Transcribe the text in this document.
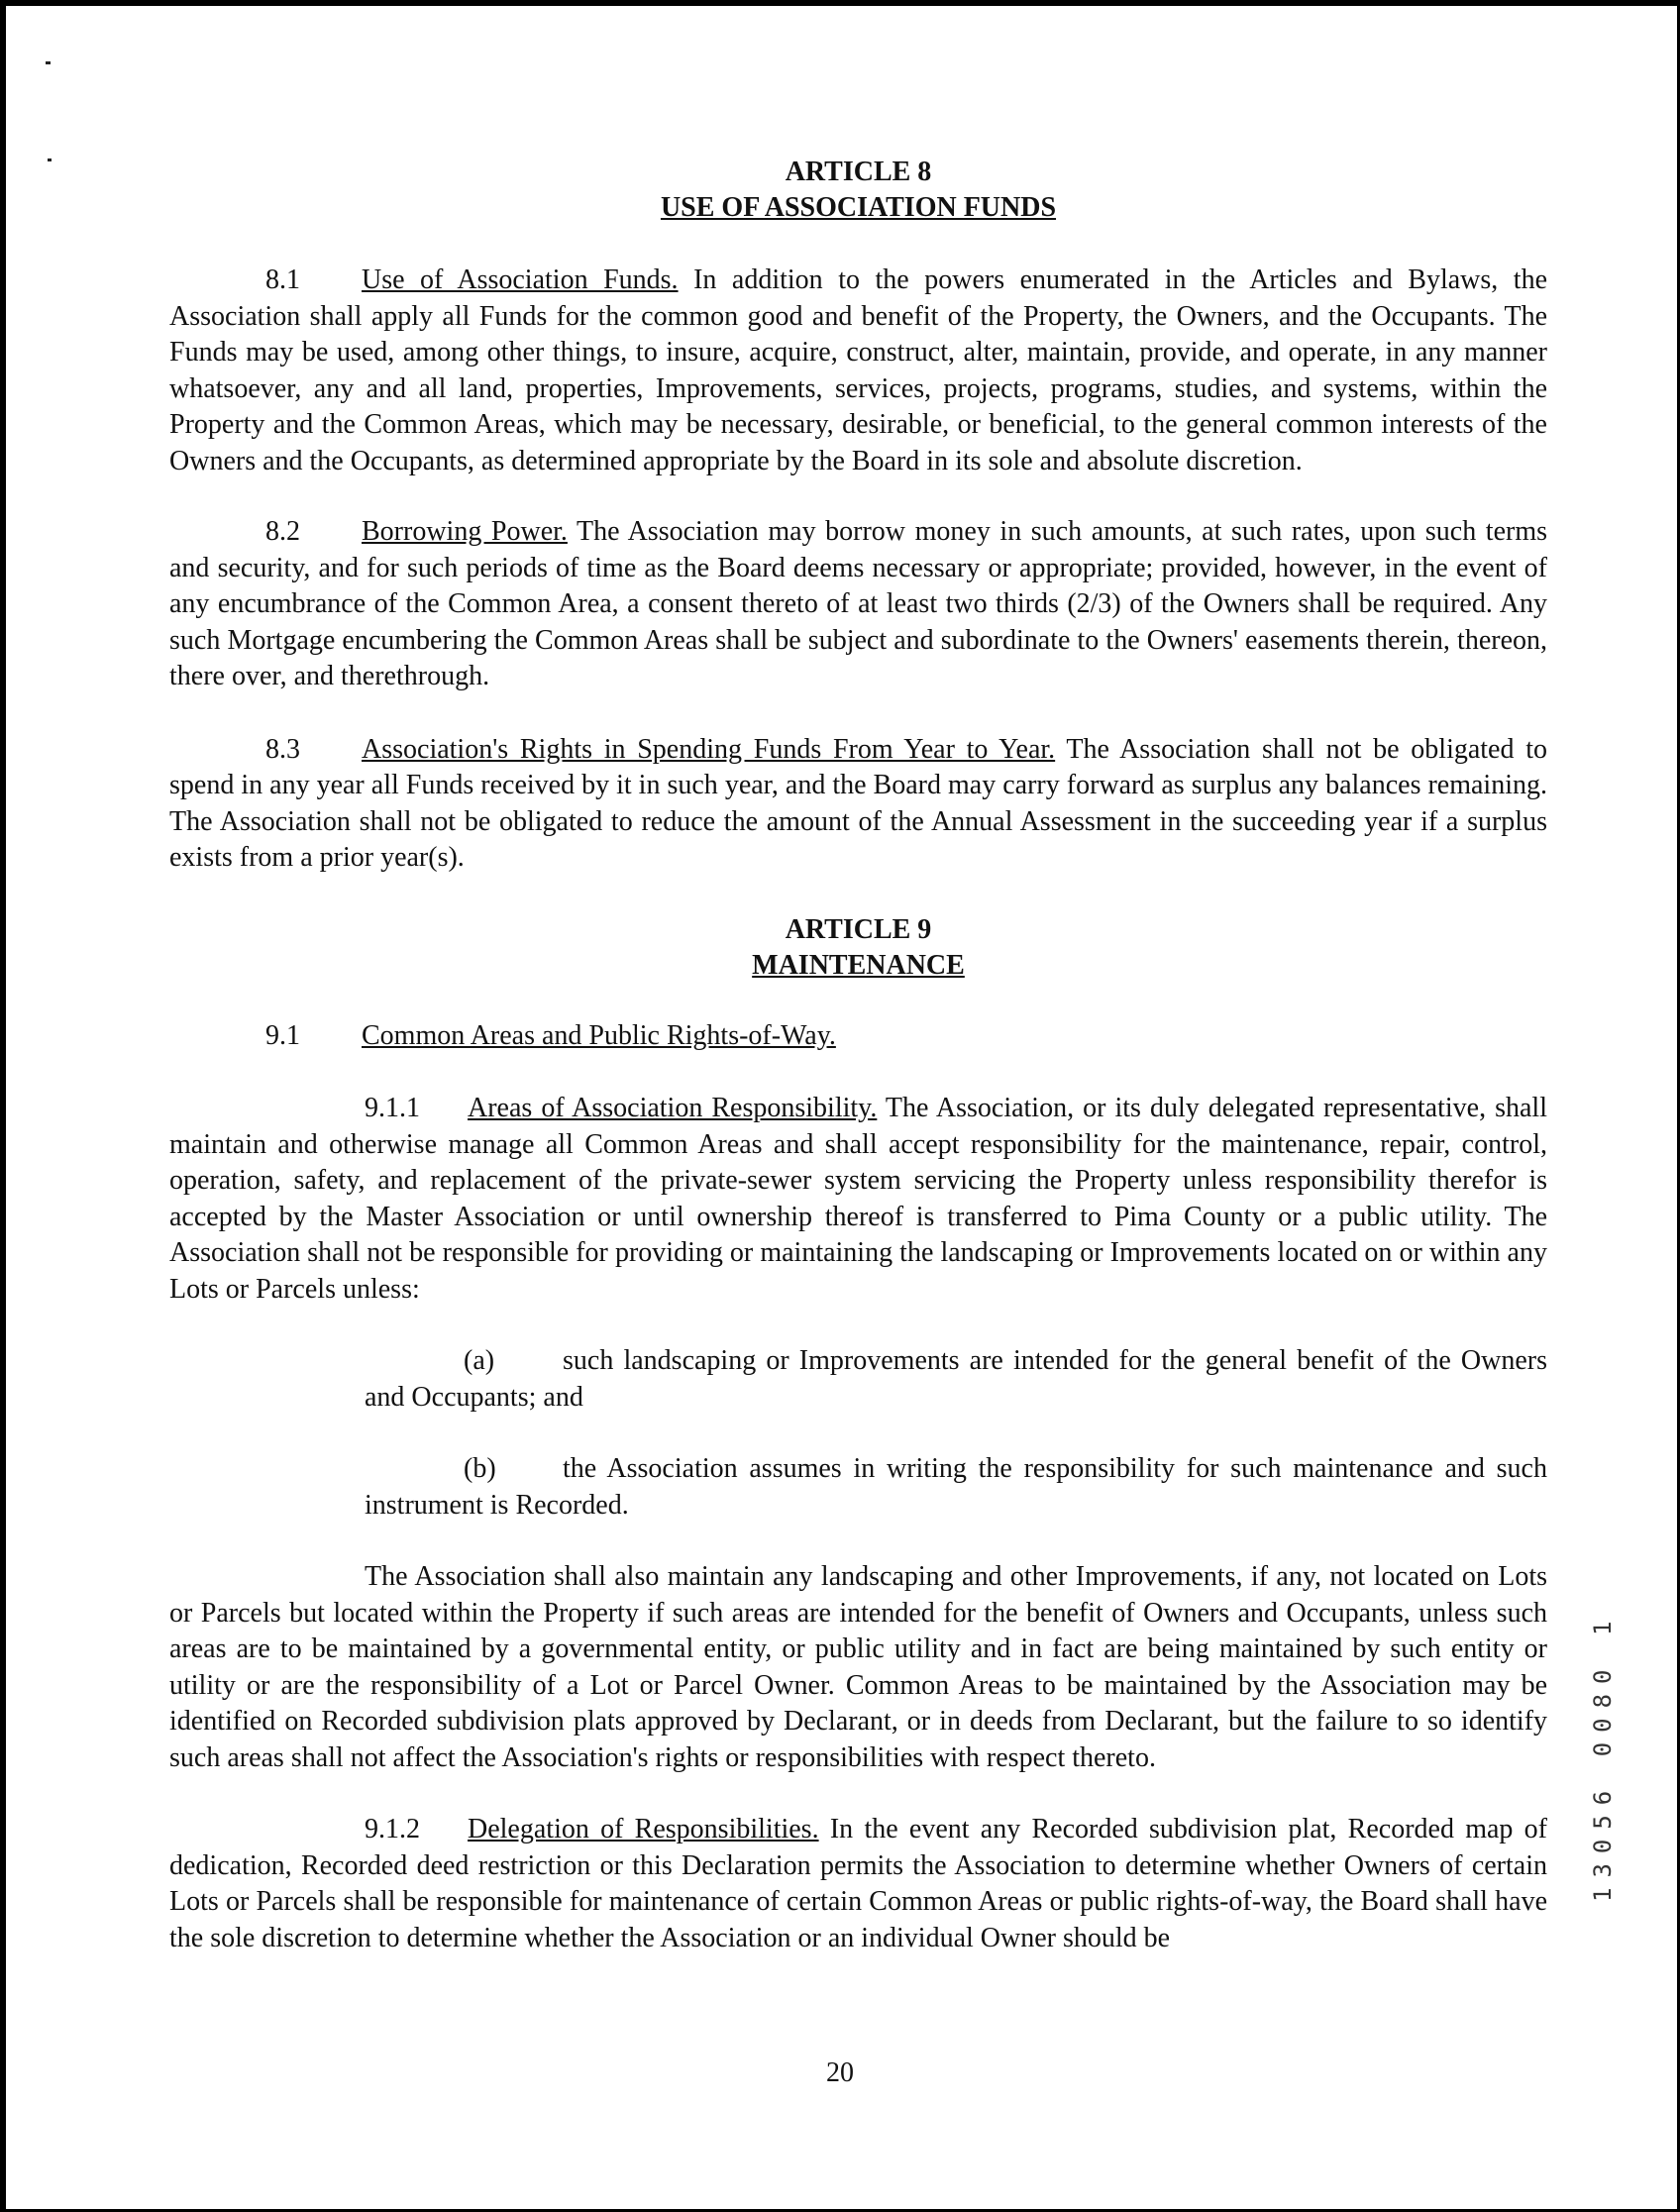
ARTICLE 8
USE OF ASSOCIATION FUNDS

8.1 Use of Association Funds. In addition to the powers enumerated in the Articles and Bylaws, the Association shall apply all Funds for the common good and benefit of the Property, the Owners, and the Occupants. The Funds may be used, among other things, to insure, acquire, construct, alter, maintain, provide, and operate, in any manner whatsoever, any and all land, properties, Improvements, services, projects, programs, studies, and systems, within the Property and the Common Areas, which may be necessary, desirable, or beneficial, to the general common interests of the Owners and the Occupants, as determined appropriate by the Board in its sole and absolute discretion.

8.2 Borrowing Power. The Association may borrow money in such amounts, at such rates, upon such terms and security, and for such periods of time as the Board deems necessary or appropriate; provided, however, in the event of any encumbrance of the Common Area, a consent thereto of at least two thirds (2/3) of the Owners shall be required. Any such Mortgage encumbering the Common Areas shall be subject and subordinate to the Owners' easements therein, thereon, there over, and therethrough.

8.3 Association's Rights in Spending Funds From Year to Year. The Association shall not be obligated to spend in any year all Funds received by it in such year, and the Board may carry forward as surplus any balances remaining. The Association shall not be obligated to reduce the amount of the Annual Assessment in the succeeding year if a surplus exists from a prior year(s).

ARTICLE 9
MAINTENANCE

9.1 Common Areas and Public Rights-of-Way.

9.1.1 Areas of Association Responsibility. The Association, or its duly delegated representative, shall maintain and otherwise manage all Common Areas and shall accept responsibility for the maintenance, repair, control, operation, safety, and replacement of the private-sewer system servicing the Property unless responsibility therefor is accepted by the Master Association or until ownership thereof is transferred to Pima County or a public utility. The Association shall not be responsible for providing or maintaining the landscaping or Improvements located on or within any Lots or Parcels unless:

(a) such landscaping or Improvements are intended for the general benefit of the Owners and Occupants; and

(b) the Association assumes in writing the responsibility for such maintenance and such instrument is Recorded.

The Association shall also maintain any landscaping and other Improvements, if any, not located on Lots or Parcels but located within the Property if such areas are intended for the benefit of Owners and Occupants, unless such areas are to be maintained by a governmental entity, or public utility and in fact are being maintained by such entity or utility or are the responsibility of a Lot or Parcel Owner. Common Areas to be maintained by the Association may be identified on Recorded subdivision plats approved by Declarant, or in deeds from Declarant, but the failure to so identify such areas shall not affect the Association's rights or responsibilities with respect thereto.

9.1.2 Delegation of Responsibilities. In the event any Recorded subdivision plat, Recorded map of dedication, Recorded deed restriction or this Declaration permits the Association to determine whether Owners of certain Lots or Parcels shall be responsible for maintenance of certain Common Areas or public rights-of-way, the Board shall have the sole discretion to determine whether the Association or an individual Owner should be

20
13056 0080 1
